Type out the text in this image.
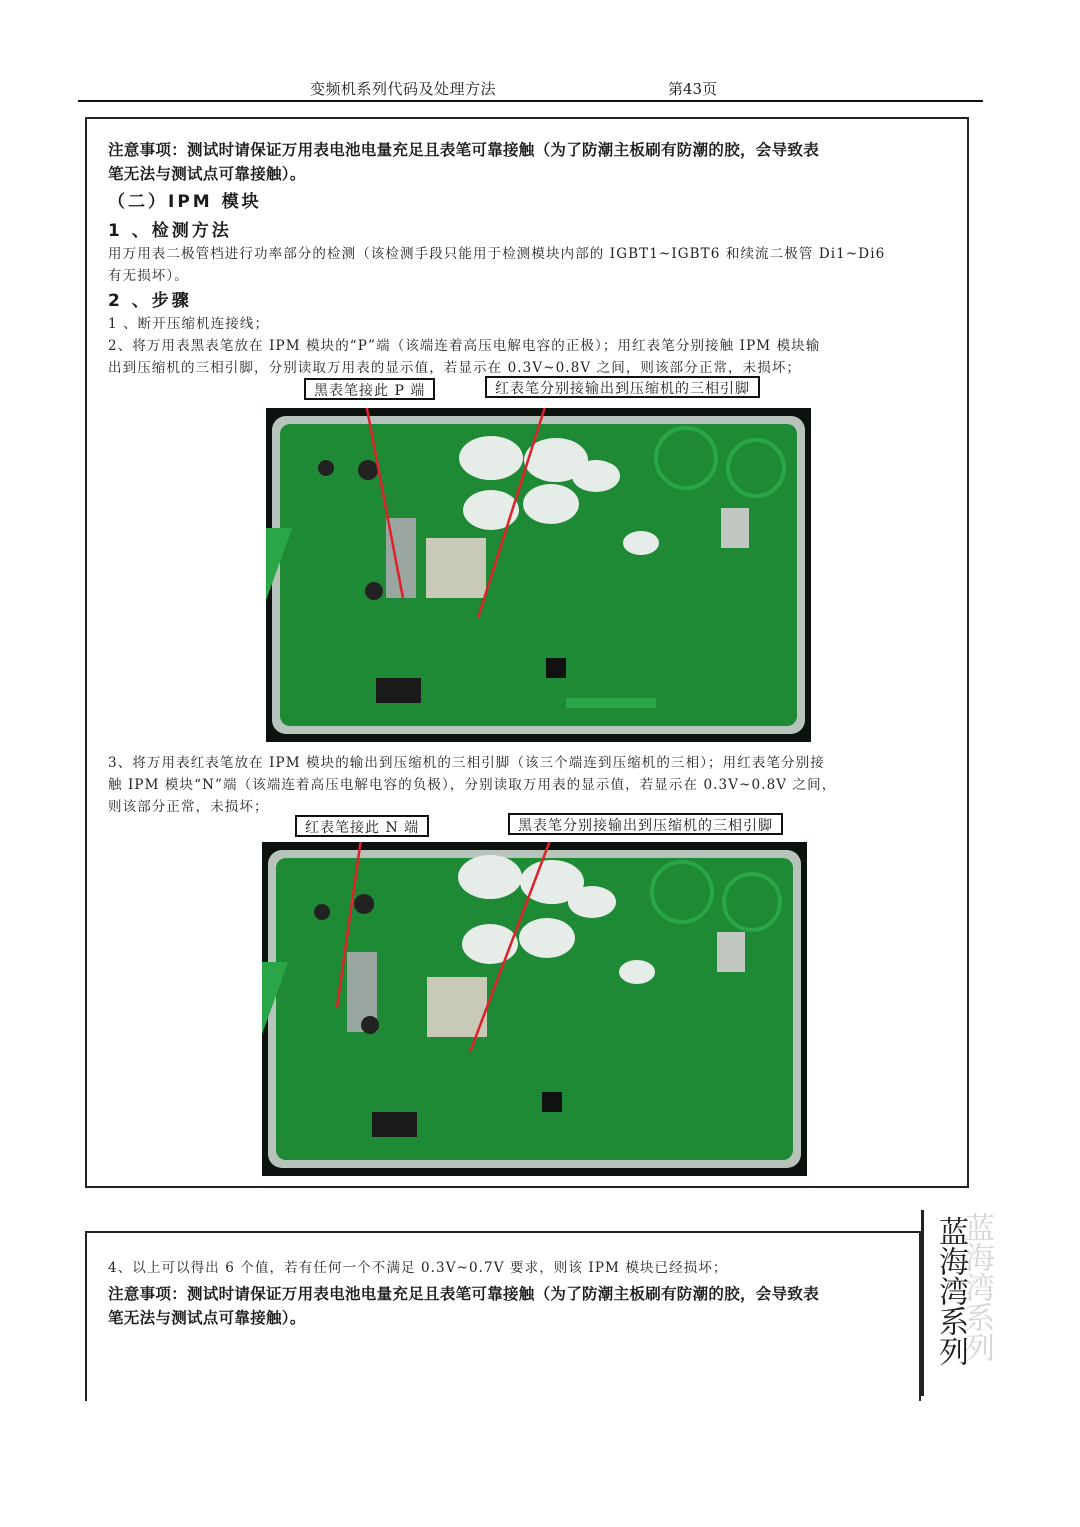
变频机系列代码及处理方法	第43页
注意事项：测试时请保证万用表电池电量充足且表笔可靠接触（为了防潮主板刷有防潮的胶，会导致表
笔无法与测试点可靠接触）。
（二）IPM 模块
1 、检测方法
用万用表二极管档进行功率部分的检测（该检测手段只能用于检测模块内部的 IGBT1~IGBT6 和续流二极管 Di1~Di6
有无损坏）。
2 、步骤
1 、断开压缩机连接线；
2、将万用表黑表笔放在 IPM 模块的“P”端（该端连着高压电解电容的正极）；用红表笔分别接触 IPM 模块输
出到压缩机的三相引脚，分别读取万用表的显示值，若显示在 0.3V~0.8V 之间，则该部分正常，未损坏；
黑表笔接此 P 端	红表笔分别接输出到压缩机的三相引脚
3、将万用表红表笔放在 IPM 模块的输出到压缩机的三相引脚（该三个端连到压缩机的三相）；用红表笔分别接
触 IPM 模块“N”端（该端连着高压电解电容的负极），分别读取万用表的显示值，若显示在 0.3V~0.8V 之间，
则该部分正常，未损坏；
红表笔接此 N 端	黑表笔分别接输出到压缩机的三相引脚
4、以上可以得出 6 个值，若有任何一个不满足 0.3V~0.7V 要求，则该 IPM 模块已经损坏；
注意事项：测试时请保证万用表电池电量充足且表笔可靠接触（为了防潮主板刷有防潮的胶，会导致表
笔无法与测试点可靠接触）。	蓝海湾系列
蓝海湾系列
